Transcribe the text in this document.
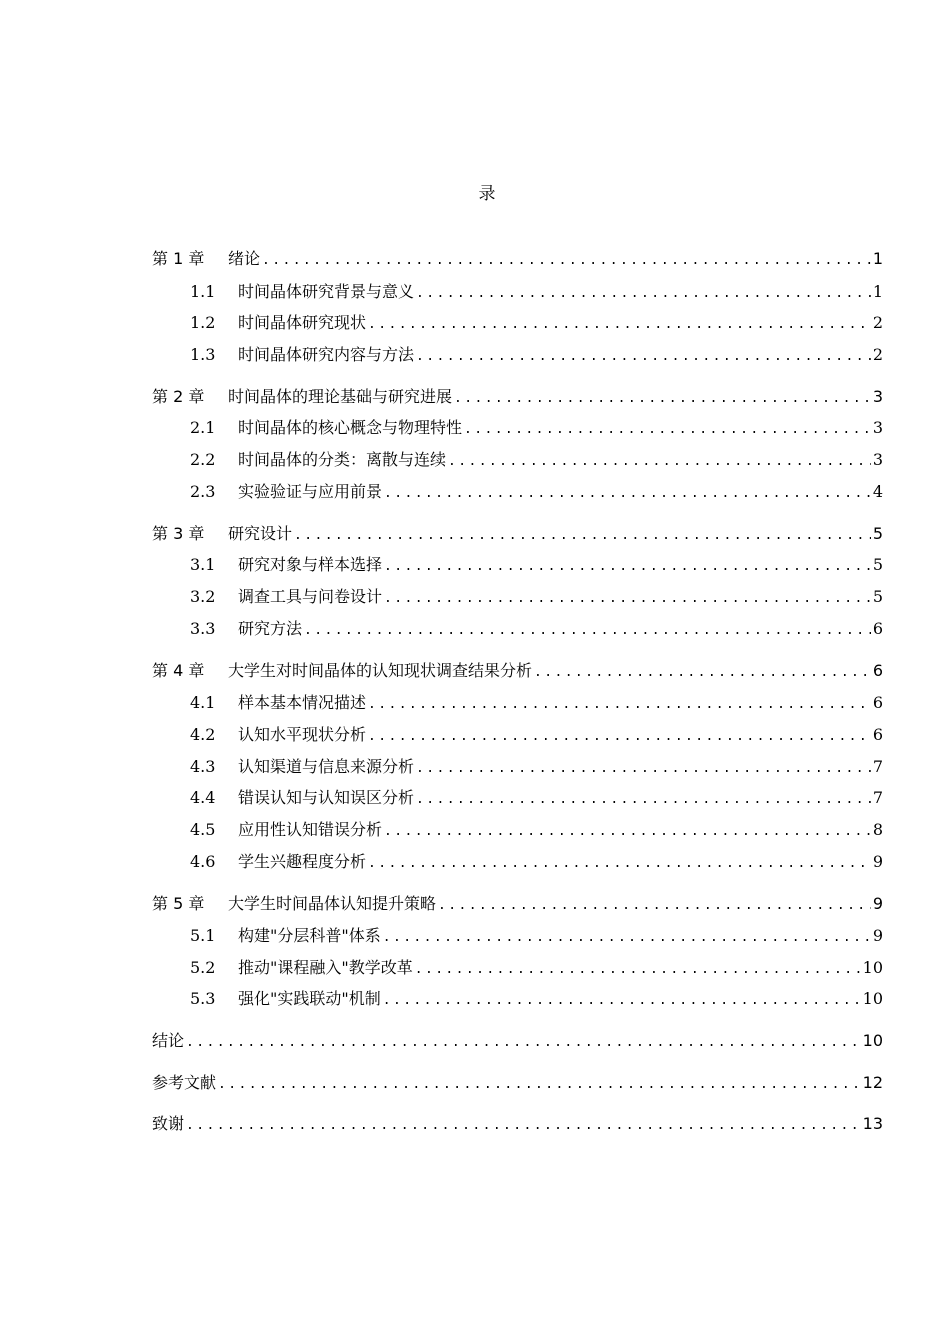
录
第 1 章	绪论 .....	1
1.1	时间晶体研究背景与意义 .....	1
1.2	时间晶体研究现状 .....	2
1.3	时间晶体研究内容与方法 .....	2
第 2 章	时间晶体的理论基础与研究进展 .....	3
2.1	时间晶体的核心概念与物理特性 .....	3
2.2	时间晶体的分类：离散与连续 .....	3
2.3	实验验证与应用前景 .....	4
第 3 章	研究设计 .....	5
3.1	研究对象与样本选择 .....	5
3.2	调查工具与问卷设计 .....	5
3.3	研究方法 .....	6
第 4 章	大学生对时间晶体的认知现状调查结果分析 .....	6
4.1	样本基本情况描述 .....	6
4.2	认知水平现状分析 .....	6
4.3	认知渠道与信息来源分析 .....	7
4.4	错误认知与认知误区分析 .....	7
4.5	应用性认知错误分析 .....	8
4.6	学生兴趣程度分析 .....	9
第 5 章	大学生时间晶体认知提升策略 .....	9
5.1	构建"分层科普"体系 .....	9
5.2	推动"课程融入"教学改革 .....	10
5.3	强化"实践联动"机制 .....	10
结论 .....	10
参考文献 .....	12
致谢 .....	13
